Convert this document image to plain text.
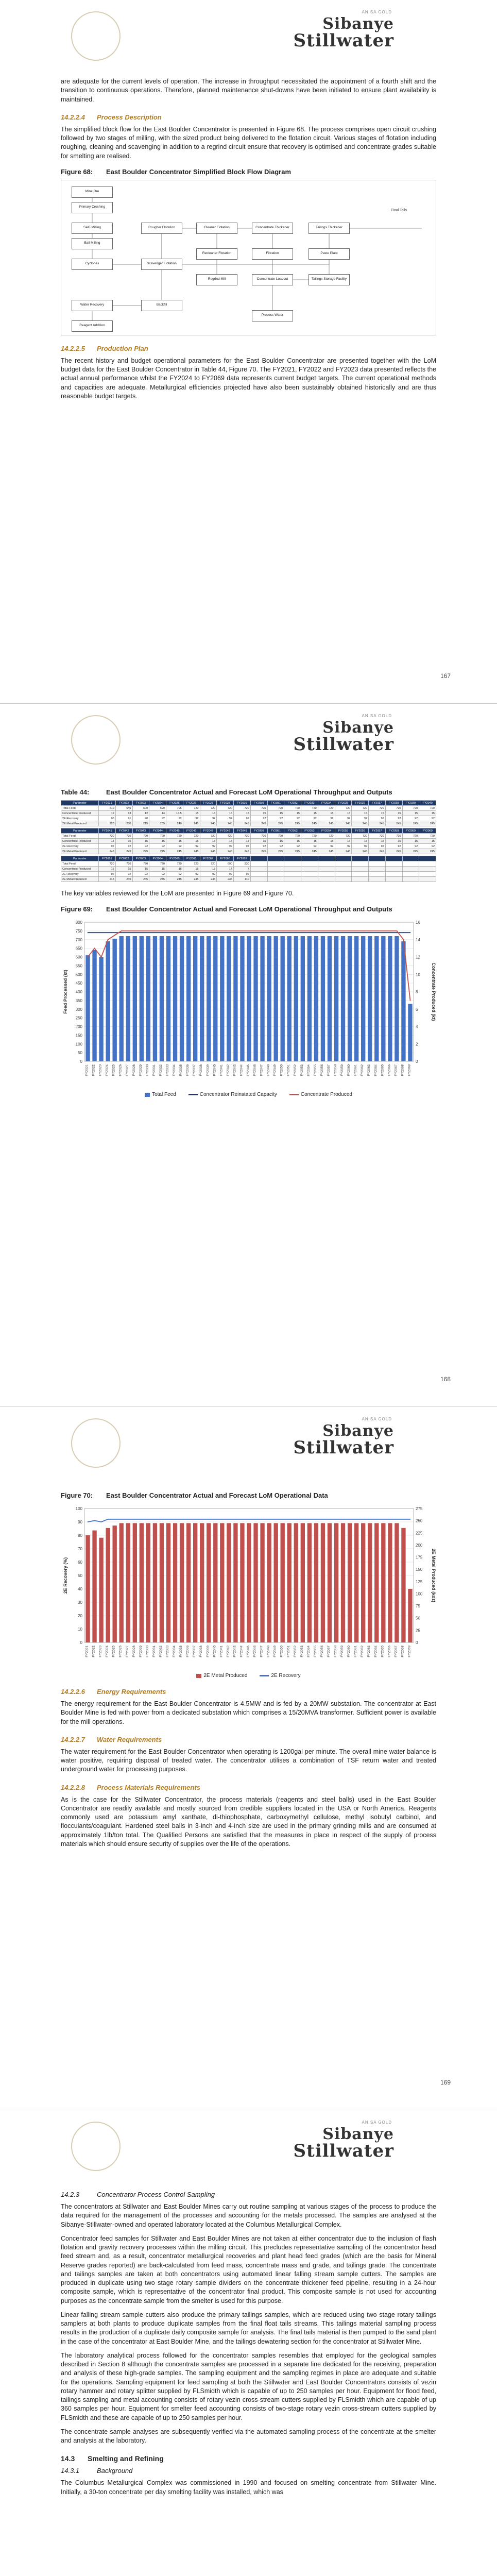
AN SA GOLD
Sibanye
Stillwater

are adequate for the current levels of operation. The increase in throughput necessitated the appointment of a fourth shift and the transition to continuous operations. Therefore, planned maintenance shut-downs have been initiated to ensure plant availability is maintained.

14.2.2.4 Process Description

The simplified block flow for the East Boulder Concentrator is presented in Figure 68. The process comprises open circuit crushing followed by two stages of milling, with the sized product being delivered to the flotation circuit. Various stages of flotation including roughing, cleaning and scavenging in addition to a regrind circuit ensure that recovery is optimised and concentrate grades suitable for smelting are realised.

Figure 68: East Boulder Concentrator Simplified Block Flow Diagram
Final Tails
Mine Ore
Primary Crushing
SAG Milling
Ball Milling
Cyclones
Rougher Flotation
Scavenger Flotation
Cleaner Flotation
Recleaner Flotation
Regrind Mill
Concentrate Thickener
Filtration
Concentrate Loadout
Tailings Thickener
Paste Plant
Tailings Storage Facility
Backfill
Water Recovery
Reagent Addition
Process Water
14.2.2.5 Production Plan

The recent history and budget operational parameters for the East Boulder Concentrator are presented together with the LoM budget data for the East Boulder Concentrator in Table 44, Figure 70. The FY2021, FY2022 and FY2023 data presented reflects the actual annual performance whilst the FY2024 to FY2069 data represents current budget targets. The current operational methods and capacities are adequate. Metallurgical efficiencies projected have also been sustainably obtained historically and are thus reasonable budget targets.

167
AN SA GOLD
Sibanye
Stillwater
Table 44:	East Boulder Concentrator Actual and Forecast LoM Operational Throughput and Outputs
Parameter	FY2021	FY2022	FY2023	FY2024	FY2025	FY2026	FY2027	FY2028	FY2029	FY2030	FY2031	FY2032	FY2033	FY2034	FY2035	FY2036	FY2037	FY2038	FY2039	FY2040
Total Feed	610	640	600	690	705	720	720	720	720	720	720	720	720	720	720	720	720	720	720	720
Concentrate Produced	12	13	12	14	14.5	15	15	15	15	15	15	15	15	15	15	15	15	15	15	15
2E Recovery	90	91	90	92	92	92	92	92	92	92	92	92	92	92	92	92	92	92	92	92
2E Metal Produced	220	230	215	235	240	245	245	245	245	245	245	245	245	245	245	245	245	245	245	245
Parameter	FY2041	FY2042	FY2043	FY2044	FY2045	FY2046	FY2047	FY2048	FY2049	FY2050	FY2051	FY2052	FY2053	FY2054	FY2055	FY2056	FY2057	FY2058	FY2059	FY2060
Total Feed	720	720	720	720	720	720	720	720	720	720	720	720	720	720	720	720	720	720	720	720
Concentrate Produced	15	15	15	15	15	15	15	15	15	15	15	15	15	15	15	15	15	15	15	15
2E Recovery	92	92	92	92	92	92	92	92	92	92	92	92	92	92	92	92	92	92	92	92
2E Metal Produced	245	245	245	245	245	245	245	245	245	245	245	245	245	245	245	245	245	245	245	245
Parameter	FY2061	FY2062	FY2063	FY2064	FY2065	FY2066	FY2067	FY2068	FY2069											
Total Feed	720	720	720	720	720	720	720	690	330											
Concentrate Produced	15	15	15	15	15	15	15	14	7											
2E Recovery	92	92	92	92	92	92	92	92	92											
2E Metal Produced	245	245	245	245	245	245	245	235	110											

The key variables reviewed for the LoM are presented in Figure 69 and Figure 70.

Figure 69: East Boulder Concentrator Actual and Forecast LoM Operational Throughput and Outputs
0
50
100
150
200
250
300
350
400
450
500
550
600
650
700
750
800
0
2
4
6
8
10
12
14
16
Feed Processed (kt)	Concentrate Produced (kt)
FY2021 FY2022 FY2023 FY2024 FY2025 FY2026 FY2027 FY2028 FY2029 FY2030 FY2031 FY2032 FY2033 FY2034 FY2035 FY2036 FY2037 FY2038 FY2039 FY2040 FY2041 FY2042 FY2043 FY2044 FY2045 FY2046 FY2047 FY2048 FY2049 FY2050 FY2051 FY2052 FY2053 FY2054 FY2055 FY2056 FY2057 FY2058 FY2059 FY2060 FY2061 FY2062 FY2063 FY2064 FY2065 FY2066 FY2067 FY2068 FY2069
Total Feed	Concentrator Reinstated Capacity	Concentrate Produced
168
AN SA GOLD
Sibanye
Stillwater
Figure 70: East Boulder Concentrator Actual and Forecast LoM Operational Data
0
10
20
30
40
50
60
70
80
90
100
0
25
50
75
100
125
150
175
200
225
250
275
2E Recovery (%)	2E Metal Produced (koz)
FY2021 FY2022 FY2023 FY2024 FY2025 FY2026 FY2027 FY2028 FY2029 FY2030 FY2031 FY2032 FY2033 FY2034 FY2035 FY2036 FY2037 FY2038 FY2039 FY2040 FY2041 FY2042 FY2043 FY2044 FY2045 FY2046 FY2047 FY2048 FY2049 FY2050 FY2051 FY2052 FY2053 FY2054 FY2055 FY2056 FY2057 FY2058 FY2059 FY2060 FY2061 FY2062 FY2063 FY2064 FY2065 FY2066 FY2067 FY2068 FY2069
2E Metal Produced	2E Recovery
14.2.2.6 Energy Requirements

The energy requirement for the East Boulder Concentrator is 4.5MW and is fed by a 20MW substation. The concentrator at East Boulder Mine is fed with power from a dedicated substation which comprises a 15/20MVA transformer. Sufficient power is available for the mill operations.

14.2.2.7 Water Requirements

The water requirement for the East Boulder Concentrator when operating is 1200gal per minute. The overall mine water balance is water positive, requiring disposal of treated water. The concentrator utilises a combination of TSF return water and treated underground water for processing purposes.

14.2.2.8 Process Materials Requirements

As is the case for the Stillwater Concentrator, the process materials (reagents and steel balls) used in the East Boulder Concentrator are readily available and mostly sourced from credible suppliers located in the USA or North America. Reagents commonly used are potassium amyl xanthate, di-thiophosphate, carboxymethyl cellulose, methyl isobutyl carbinol, and flocculants/coagulant. Hardened steel balls in 3-inch and 4-inch size are used in the primary grinding mills and are consumed at approximately 1lb/ton total. The Qualified Persons are satisfied that the measures in place in respect of the supply of process materials which should ensure security of supplies over the life of the operations.

169
AN SA GOLD
Sibanye
Stillwater
14.2.3	Concentrator Process Control Sampling

The concentrators at Stillwater and East Boulder Mines carry out routine sampling at various stages of the process to produce the data required for the management of the processes and accounting for the metals processed. The samples are analysed at the Sibanye-Stillwater-owned and operated laboratory located at the Columbus Metallurgical Complex.

Concentrator feed samples for Stillwater and East Boulder Mines are not taken at either concentrator due to the inclusion of flash flotation and gravity recovery processes within the milling circuit. This precludes representative sampling of the concentrator head feed stream and, as a result, concentrator metallurgical recoveries and plant head feed grades (which are the basis for Mineral Reserve grades reported) are back-calculated from feed mass, concentrate mass and grade, and tailings grade. The concentrate and tailings samples are taken at both concentrators using automated linear falling stream sample cutters. The samples are produced in duplicate using two stage rotary sample dividers on the concentrate thickener feed pipeline, resulting in a 24-hour composite sample, which is representative of the concentrator final product. This composite sample is not used for accounting purposes as the concentrate sample from the smelter is used for this purpose.

Linear falling stream sample cutters also produce the primary tailings samples, which are reduced using two stage rotary tailings samplers at both plants to produce duplicate samples from the final float tails streams. This tailings material sampling process results in the production of a duplicate daily composite sample for analysis. The final tails material is then pumped to the sand plant in the case of the concentrator at East Boulder Mine, and the tailings dewatering section for the concentrator at Stillwater Mine.

The laboratory analytical process followed for the concentrator samples resembles that employed for the geological samples described in Section 8 although the concentrate samples are processed in a separate line dedicated for the receiving, preparation and analysis of these high-grade samples. The sampling equipment and the sampling regimes in place are adequate and suitable for the operations. Sampling equipment for feed sampling at both the Stillwater and East Boulder Concentrators consists of vezin rotary hammer and rotary splitter supplied by FLSmidth which is capable of up to 250 samples per hour. Equipment for flood feed, tailings sampling and metal accounting consists of rotary vezin cross-stream cutters supplied by FLSmidth which are capable of up 360 samples per hour. Equipment for smelter feed accounting consists of two-stage rotary vezin cross-stream cutters supplied by FLSmidth and these are capable of up to 250 samples per hour.

The concentrate sample analyses are subsequently verified via the automated sampling process of the concentrate at the smelter and analysis at the laboratory.

14.3 Smelting and Refining
14.3.1	Background

The Columbus Metallurgical Complex was commissioned in 1990 and focused on smelting concentrate from Stillwater Mine. Initially, a 30-ton concentrate per day smelting facility was installed, which was
